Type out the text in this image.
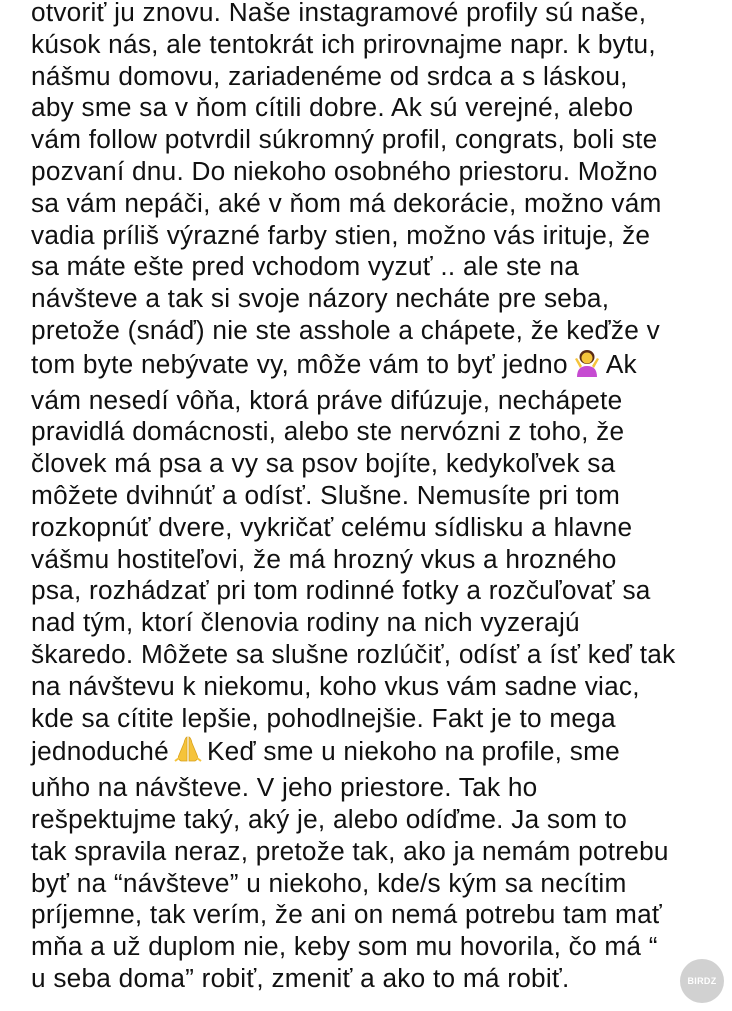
otvoriť ju znovu. Naše instagramové profily sú naše,
kúsok nás, ale tentokrát ich prirovnajme napr. k bytu,
nášmu domovu, zariadenéme od srdca a s láskou,
aby sme sa v ňom cítili dobre. Ak sú verejné, alebo
vám follow potvrdil súkromný profil, congrats, boli ste
pozvaní dnu. Do niekoho osobného priestoru. Možno
sa vám nepáči, aké v ňom má dekorácie, možno vám
vadia príliš výrazné farby stien, možno vás irituje, že
sa máte ešte pred vchodom vyzuť .. ale ste na
návšteve a tak si svoje názory necháte pre seba,
pretože (snáď) nie ste asshole a chápete, že keďže v
tom byte nebývate vy, môže vám to byť jedno Ak
vám nesedí vôňa, ktorá práve difúzuje, nechápete
pravidlá domácnosti, alebo ste nervózni z toho, že
človek má psa a vy sa psov bojíte, kedykoľvek sa
môžete dvihnúť a odísť. Slušne. Nemusíte pri tom
rozkopnúť dvere, vykričať celému sídlisku a hlavne
vášmu hostiteľovi, že má hrozný vkus a hrozného
psa, rozhádzať pri tom rodinné fotky a rozčuľovať sa
nad tým, ktorí členovia rodiny na nich vyzerajú
škaredo. Môžete sa slušne rozlúčiť, odísť a ísť keď tak
na návštevu k niekomu, koho vkus vám sadne viac,
kde sa cítite lepšie, pohodlnejšie. Fakt je to mega
jednoduché Keď sme u niekoho na profile, sme
uňho na návšteve. V jeho priestore. Tak ho
rešpektujme taký, aký je, alebo odíďme. Ja som to
tak spravila neraz, pretože tak, ako ja nemám potrebu
byť na “návšteve” u niekoho, kde/s kým sa necítim
príjemne, tak verím, že ani on nemá potrebu tam mať
mňa a už duplom nie, keby som mu hovorila, čo má “
u seba doma” robiť, zmeniť a ako to má robiť.	BIRDZ
